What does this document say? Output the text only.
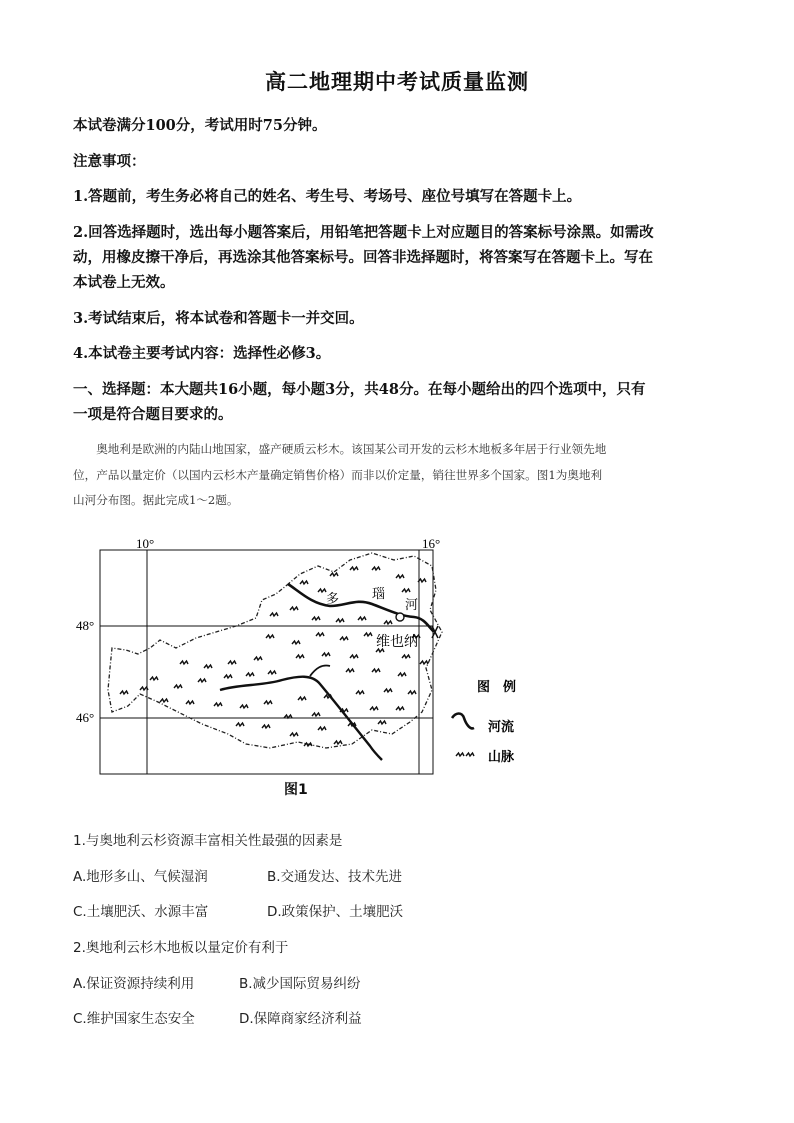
高二地理期中考试质量监测
本试卷满分100分，考试用时75分钟。
注意事项：
1.答题前，考生务必将自己的姓名、考生号、考场号、座位号填写在答题卡上。
2.回答选择题时，选出每小题答案后，用铅笔把答题卡上对应题目的答案标号涂黑。如需改
动，用橡皮擦干净后，再选涂其他答案标号。回答非选择题时，将答案写在答题卡上。写在
本试卷上无效。
3.考试结束后，将本试卷和答题卡一并交回。
4.本试卷主要考试内容：选择性必修3。
一、选择题：本大题共16小题，每小题3分，共48分。在每小题给出的四个选项中，只有
一项是符合题目要求的。
　　奥地利是欧洲的内陆山地国家，盛产硬质云杉木。该国某公司开发的云杉木地板多年居于行业领先地
位，产品以量定价（以国内云杉木产量确定销售价格）而非以价定量，销往世界多个国家。图1为奥地利
山河分布图。据此完成1～2题。
10°	16°
48°
46°
多	瑙
河
维也纳
图　例
河流
山脉
图1
1.与奥地利云杉资源丰富相关性最强的因素是
A.地形多山、气候湿润	B.交通发达、技术先进
C.土壤肥沃、水源丰富	D.政策保护、土壤肥沃
2.奥地利云杉木地板以量定价有利于
A.保证资源持续利用	B.减少国际贸易纠纷
C.维护国家生态安全	D.保障商家经济利益
